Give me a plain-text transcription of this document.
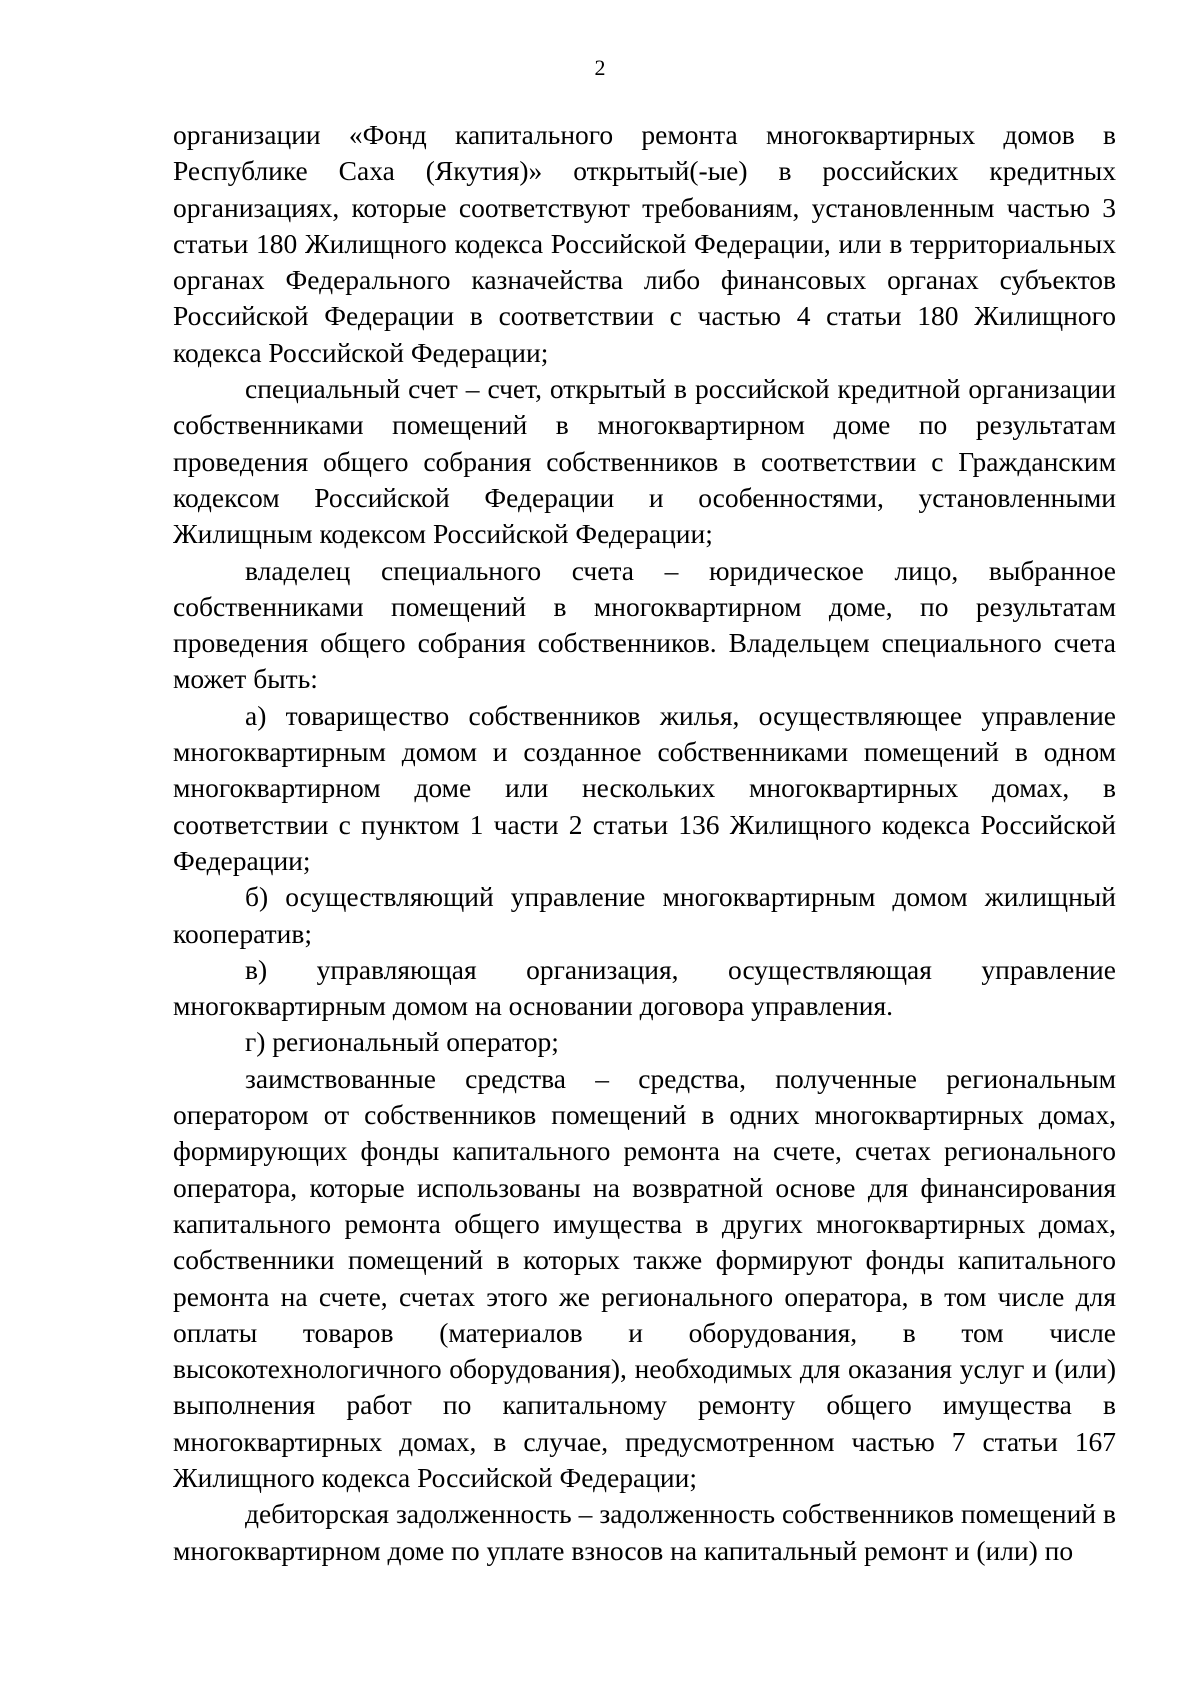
2

организации «Фонд капитального ремонта многоквартирных домов в Республике Саха (Якутия)» открытый(-ые) в российских кредитных организациях, которые соответствуют требованиям, установленным частью 3 статьи 180 Жилищного кодекса Российской Федерации, или в территориальных органах Федерального казначейства либо финансовых органах субъектов Российской Федерации в соответствии с частью 4 статьи 180 Жилищного кодекса Российской Федерации;

специальный счет – счет, открытый в российской кредитной организации собственниками помещений в многоквартирном доме по результатам проведения общего собрания собственников в соответствии с Гражданским кодексом Российской Федерации и особенностями, установленными Жилищным кодексом Российской Федерации;

владелец специального счета – юридическое лицо, выбранное собственниками помещений в многоквартирном доме, по результатам проведения общего собрания собственников. Владельцем специального счета может быть:

а) товарищество собственников жилья, осуществляющее управление многоквартирным домом и созданное собственниками помещений в одном многоквартирном доме или нескольких многоквартирных домах, в соответствии с пунктом 1 части 2 статьи 136 Жилищного кодекса Российской Федерации;

б) осуществляющий управление многоквартирным домом жилищный кооператив;

в) управляющая организация, осуществляющая управление многоквартирным домом на основании договора управления.

г) региональный оператор;

заимствованные средства – средства, полученные региональным оператором от собственников помещений в одних многоквартирных домах, формирующих фонды капитального ремонта на счете, счетах регионального оператора, которые использованы на возвратной основе для финансирования капитального ремонта общего имущества в других многоквартирных домах, собственники помещений в которых также формируют фонды капитального ремонта на счете, счетах этого же регионального оператора, в том числе для оплаты товаров (материалов и оборудования, в том числе высокотехнологичного оборудования), необходимых для оказания услуг и (или) выполнения работ по капитальному ремонту общего имущества в многоквартирных домах, в случае, предусмотренном частью 7 статьи 167 Жилищного кодекса Российской Федерации;

дебиторская задолженность – задолженность собственников помещений в многоквартирном доме по уплате взносов на капитальный ремонт и (или) по
